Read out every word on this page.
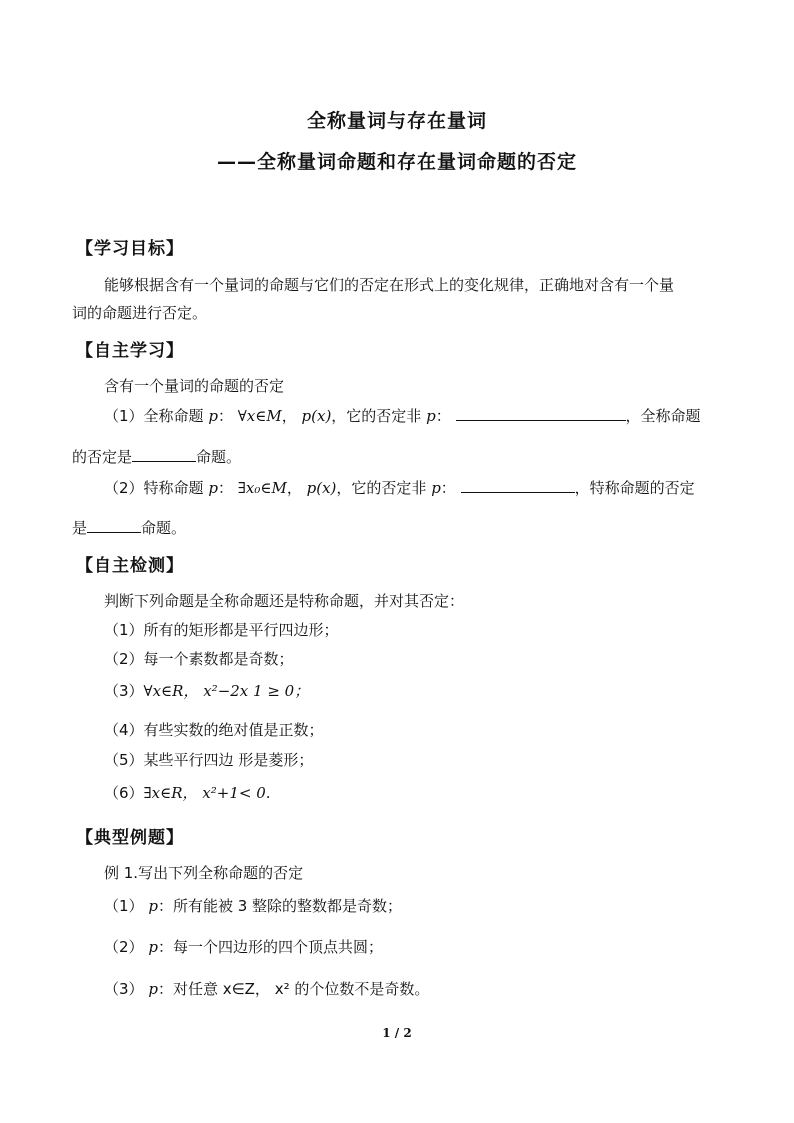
全称量词与存在量词
——全称量词命题和存在量词命题的否定
【学习目标】
能够根据含有一个量词的命题与它们的否定在形式上的变化规律，正确地对含有一个量
词的命题进行否定。
【自主学习】
含有一个量词的命题的否定
（1）全称命题 p： ∀x∈M， p(x)，它的否定非 p：	，全称命题
的否定是	命题。
（2）特称命题 p： ∃x₀∈M， p(x)，它的否定非 p：	，特称命题的否定
是	命题。
【自主检测】
判断下列命题是全称命题还是特称命题，并对其否定：
（1）所有的矩形都是平行四边形；
（2）每一个素数都是奇数；
（3）∀x∈R， x²−2x 1 ≥ 0；
（4）有些实数的绝对值是正数；
（5）某些平行四边 形是菱形；
（6）∃x∈R， x²+1< 0.
【典型例题】
例 1.写出下列全称命题的否定
（1） p：所有能被 3 整除的整数都是奇数；
（2） p：每一个四边形的四个顶点共圆；
（3） p：对任意 x∈Z， x² 的个位数不是奇数。
1 / 2
